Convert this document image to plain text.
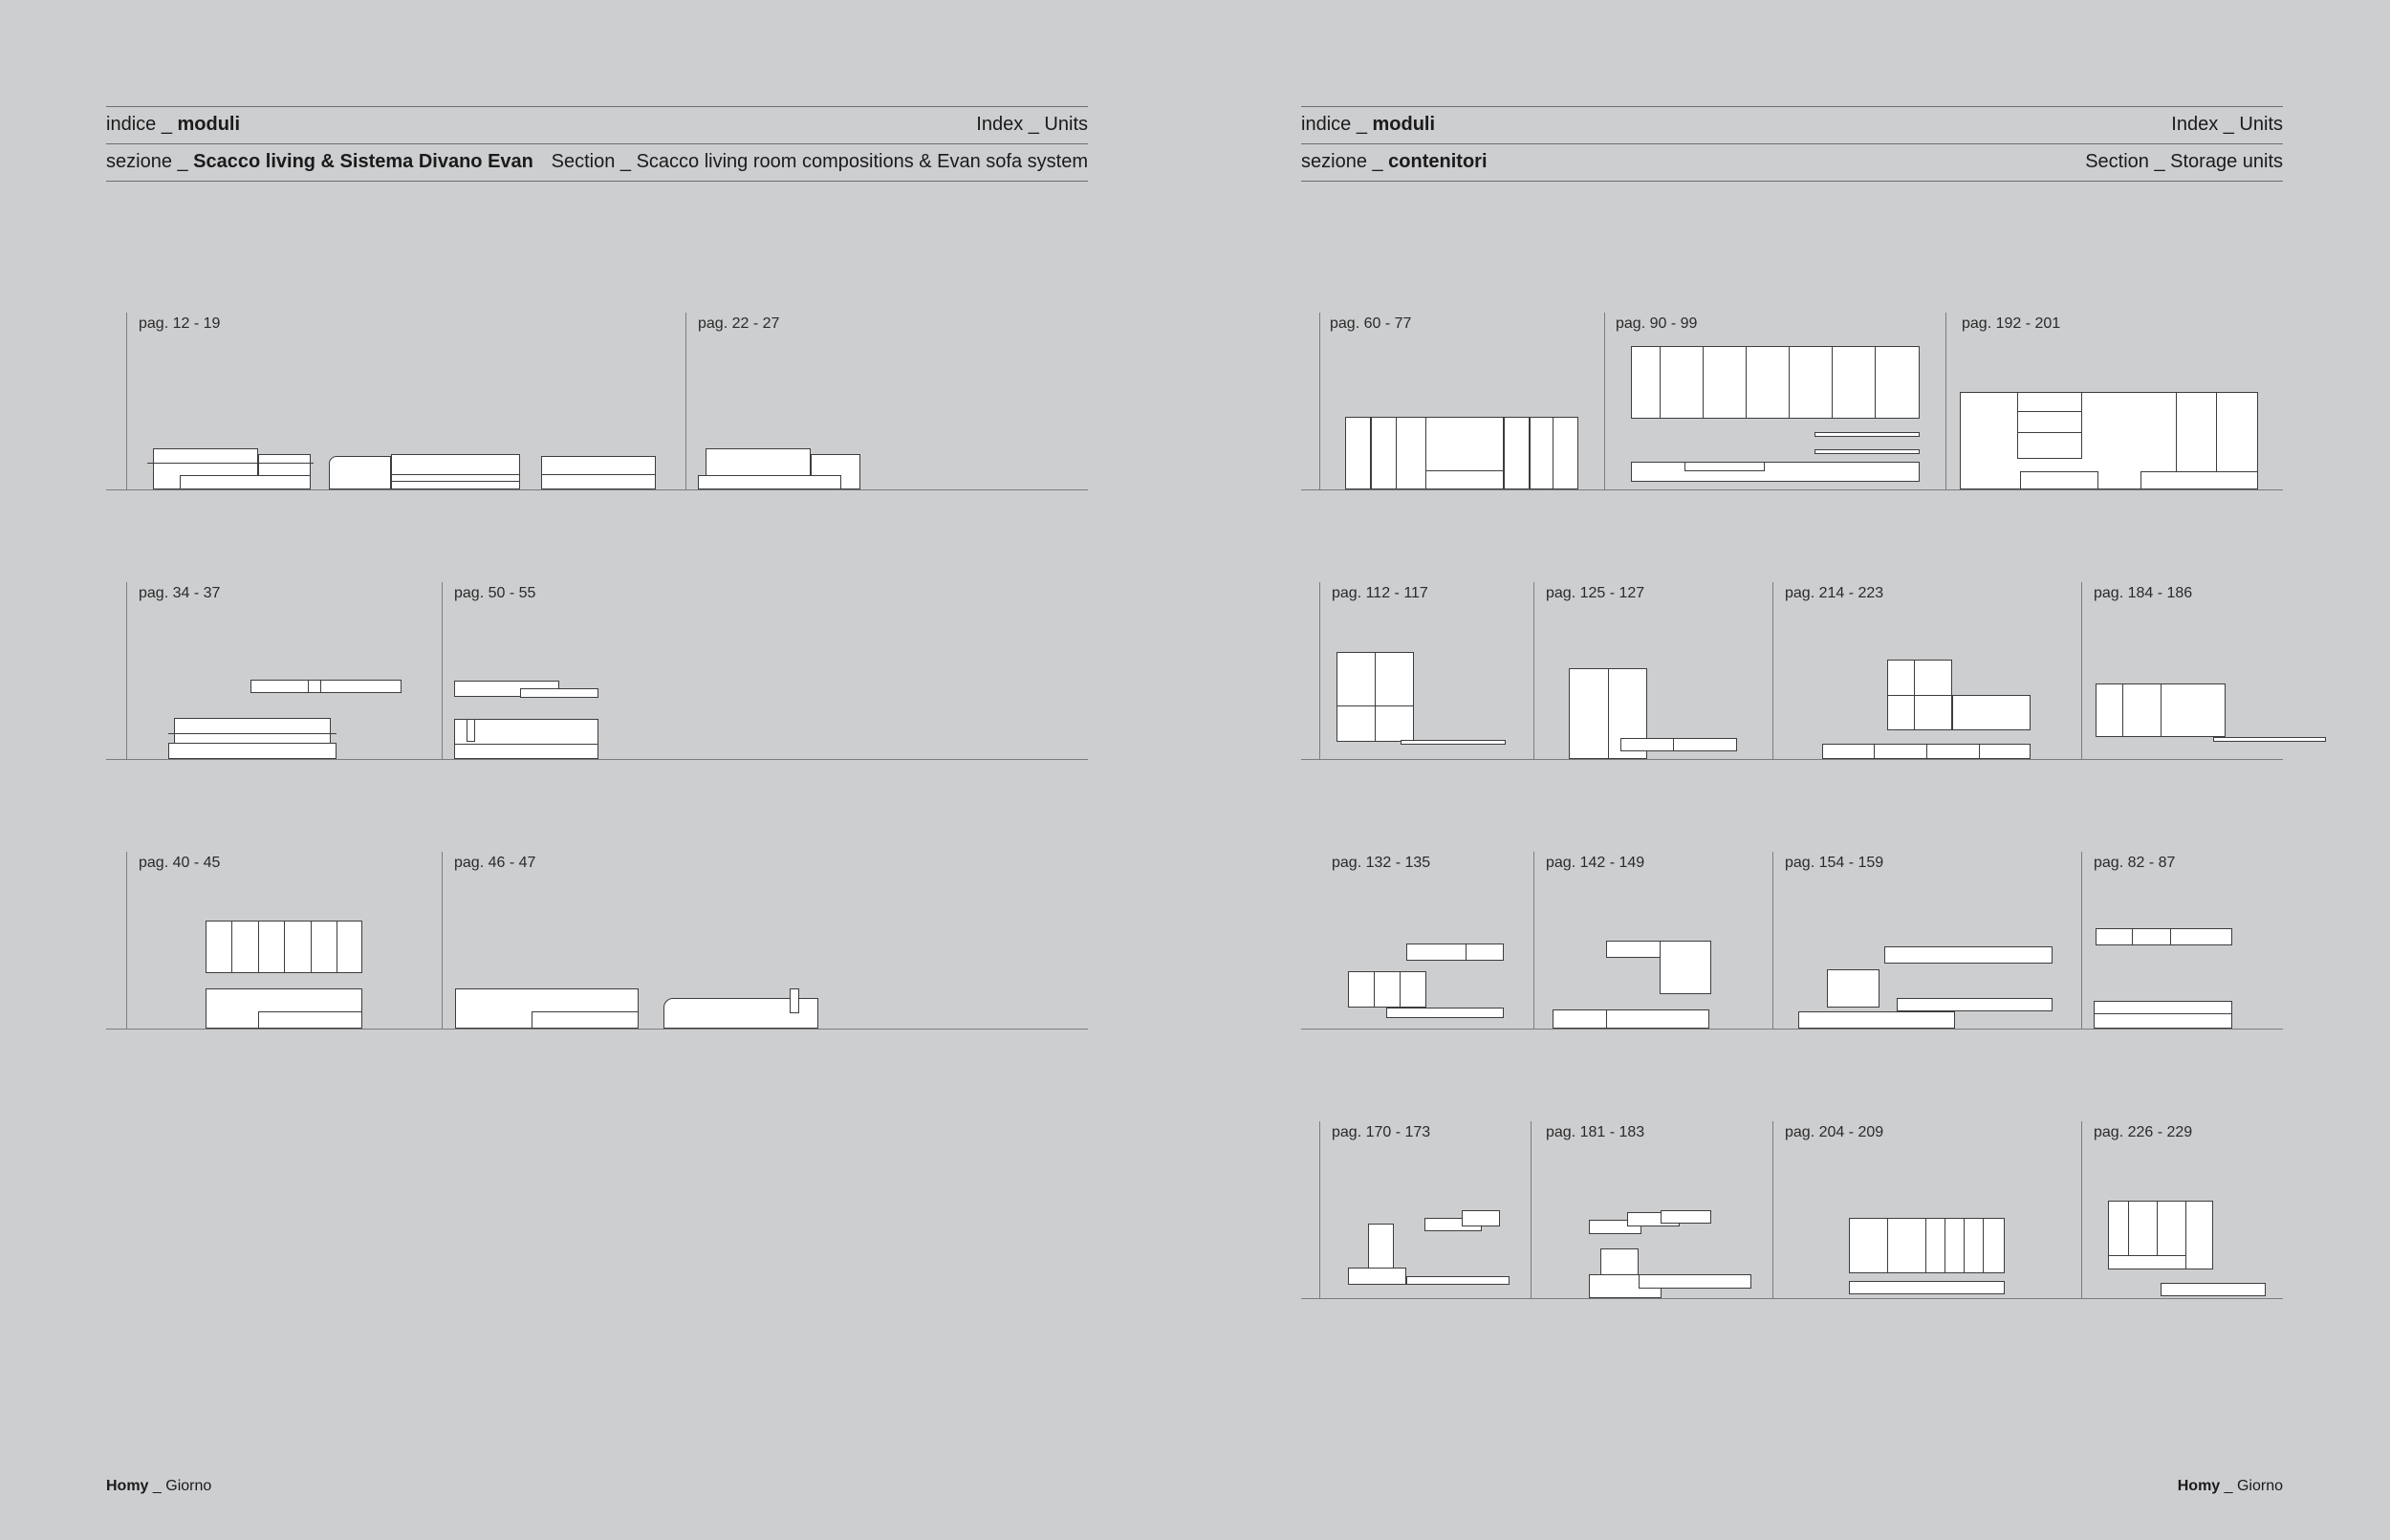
indice _ moduli	Index _ Units
sezione _ Scacco living & Sistema Divano Evan Section _ Scacco living room compositions & Evan sofa system
pag. 12 - 19	pag. 22 - 27
pag. 34 - 37	pag. 50 - 55
pag. 40 - 45	pag. 46 - 47
Homy _ Giorno
indice _ moduli	Index _ Units
sezione _ contenitori	Section _ Storage units
pag. 60 - 77	pag. 90 - 99	pag. 192 - 201
pag. 112 - 117	pag. 125 - 127	pag. 214 - 223	pag. 184 - 186
pag. 132 - 135	pag. 142 - 149	pag. 154 - 159	pag. 82 - 87
pag. 170 - 173	pag. 181 - 183	pag. 204 - 209	pag. 226 - 229
Homy _ Giorno
